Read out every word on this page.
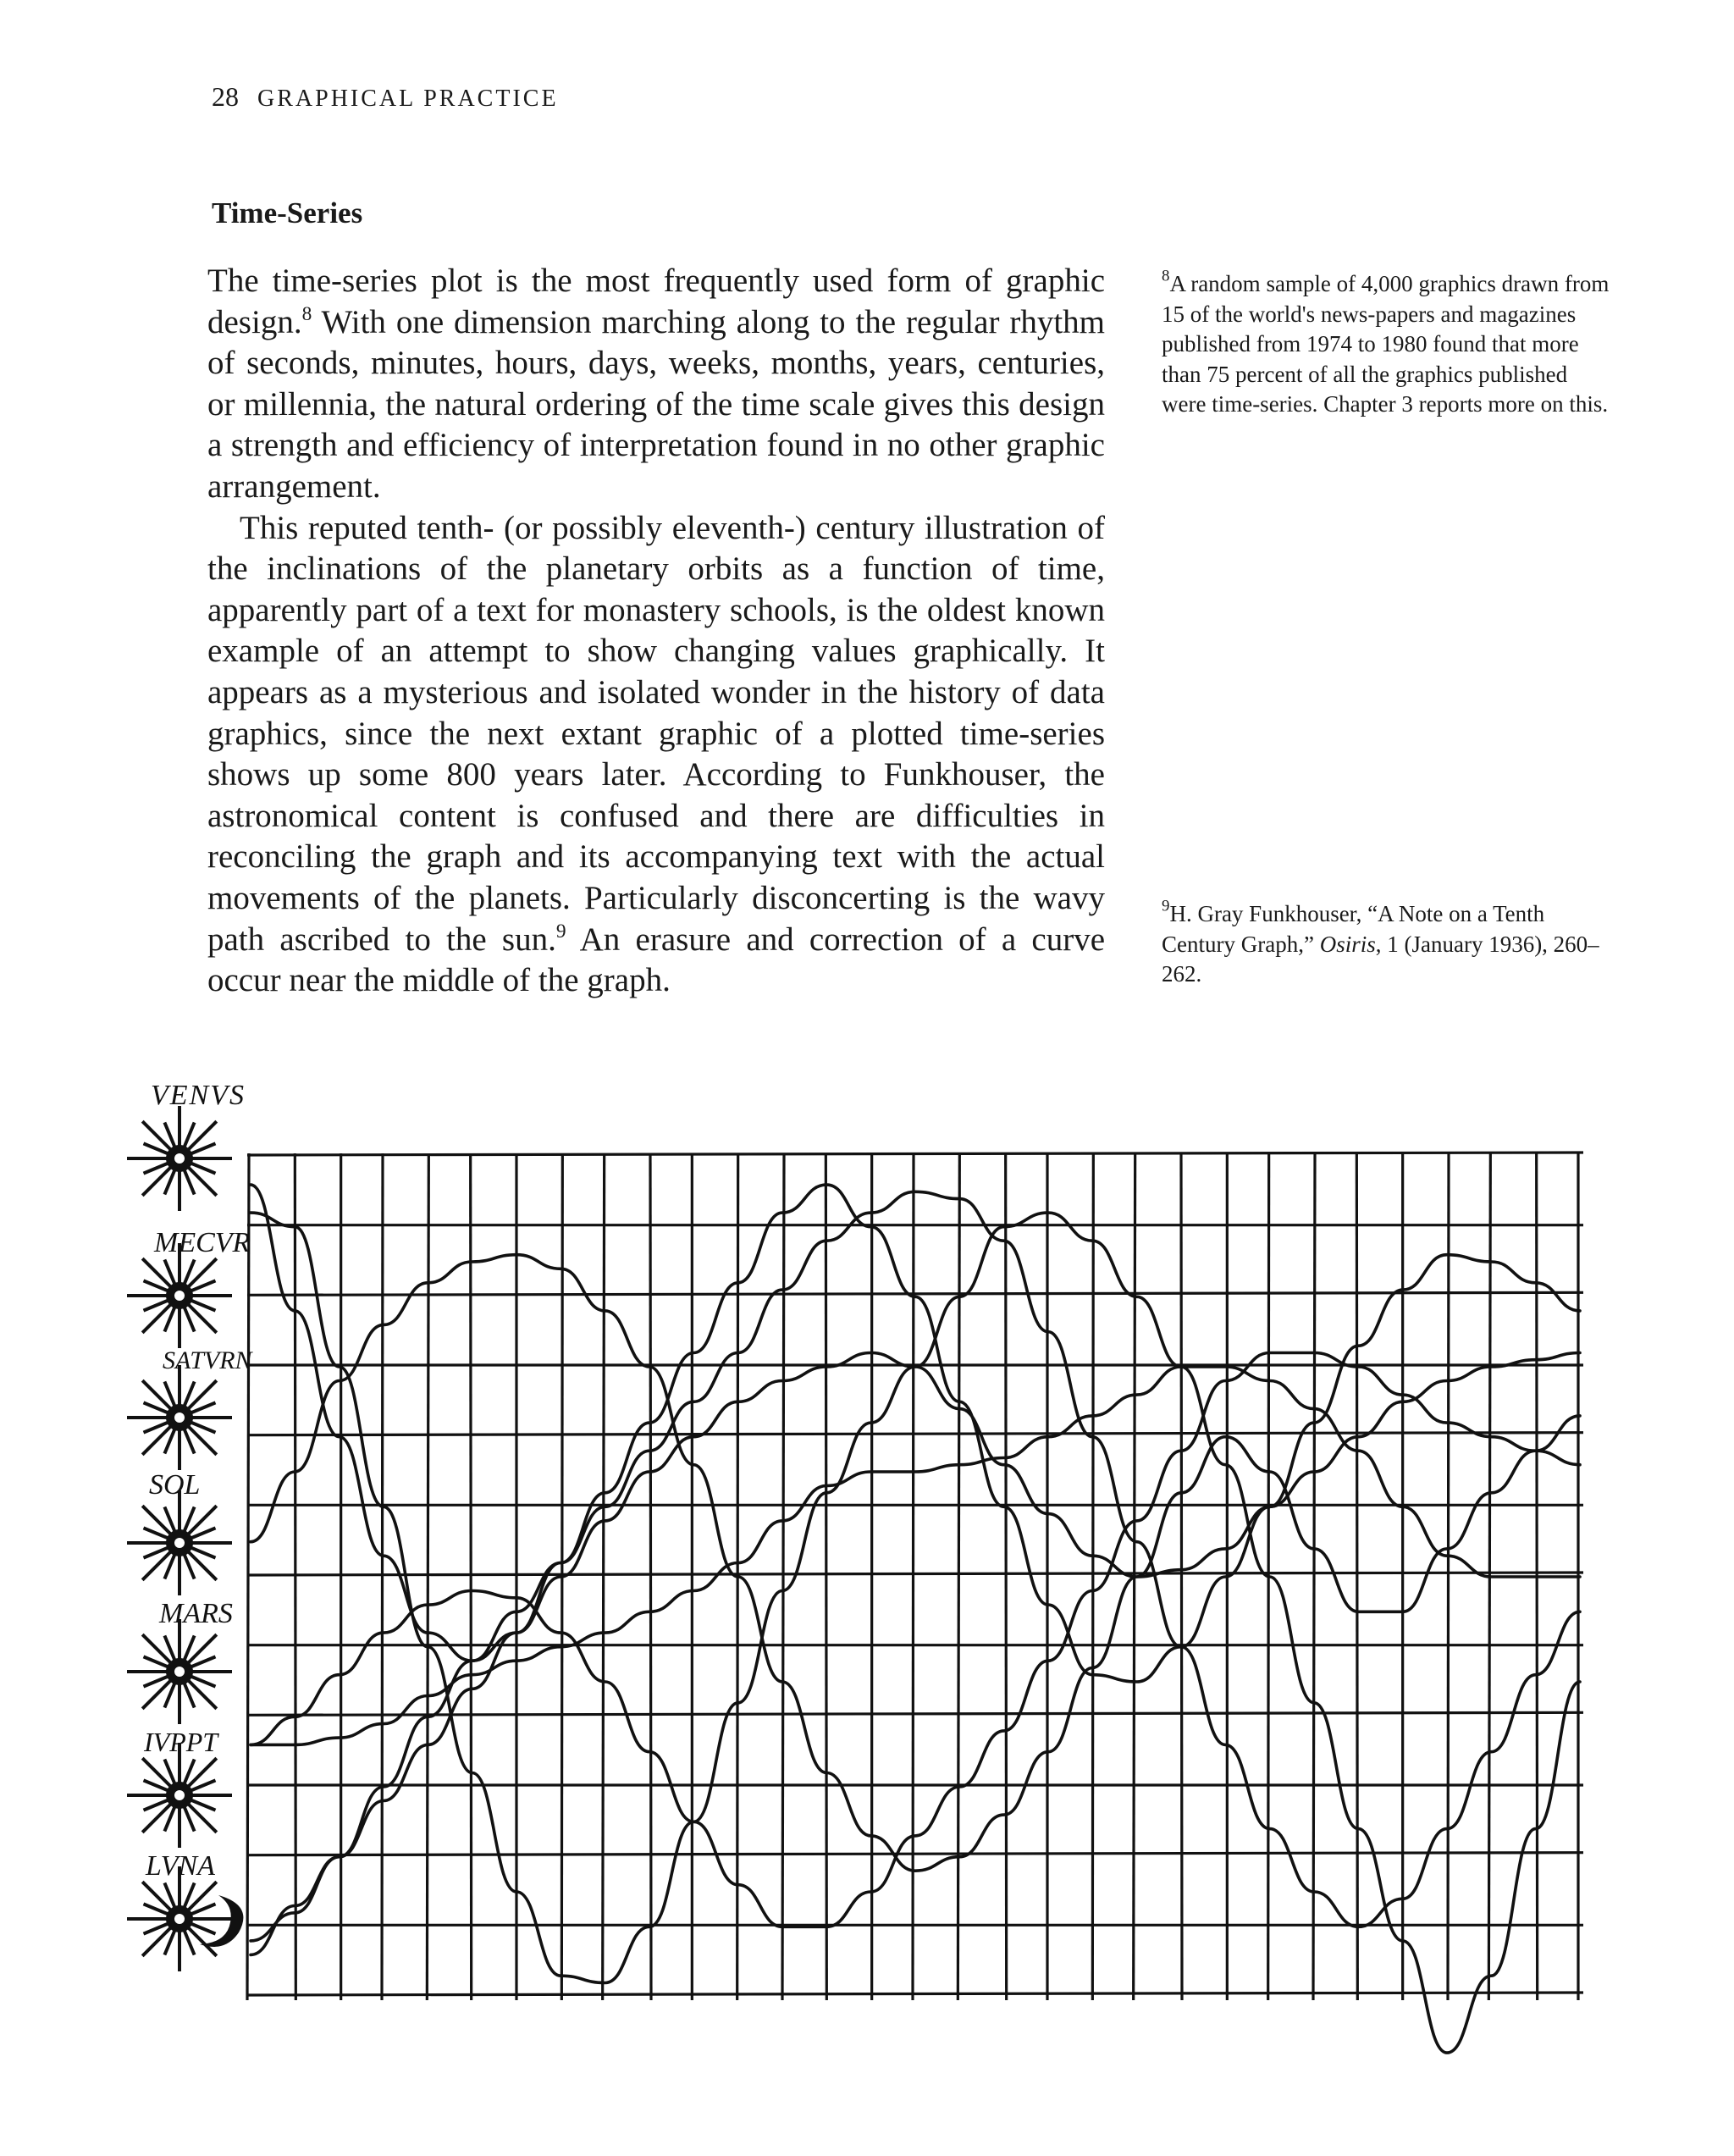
28 GRAPHICAL PRACTICE
Time-Series

The time-series plot is the most frequently used form of graphic design.$^8$ With one dimension marching along to the regular rhythm of seconds, minutes, hours, days, weeks, months, years, centuries, or millennia, the natural ordering of the time scale gives this design a strength and efficiency of interpretation found in no other graphic arrangement.

This reputed tenth- (or possibly eleventh-) century illustration of the inclinations of the planetary orbits as a function of time, apparently part of a text for monastery schools, is the oldest known example of an attempt to show changing values graphically. It appears as a mysterious and isolated wonder in the history of data graphics, since the next extant graphic of a plotted time-series shows up some 800 years later. According to Funkhouser, the astronomical content is confused and there are difficulties in reconciling the graph and its accompanying text with the actual movements of the planets. Particularly disconcerting is the wavy path ascribed to the sun.$^9$ An erasure and correction of a curve occur near the middle of the graph.

$^8$A random sample of 4,000 graphics drawn from 15 of the world's news-papers and magazines published from 1974 to 1980 found that more than 75 percent of all the graphics published were time-series. Chapter 3 reports more on this.
$^9$H. Gray Funkhouser, “A Note on a Tenth Century Graph,” Osiris, 1 (January 1936), 260–262.
VENVS
MECVR
SATVRN
SOL
MARS
IVPPT
LVNA
